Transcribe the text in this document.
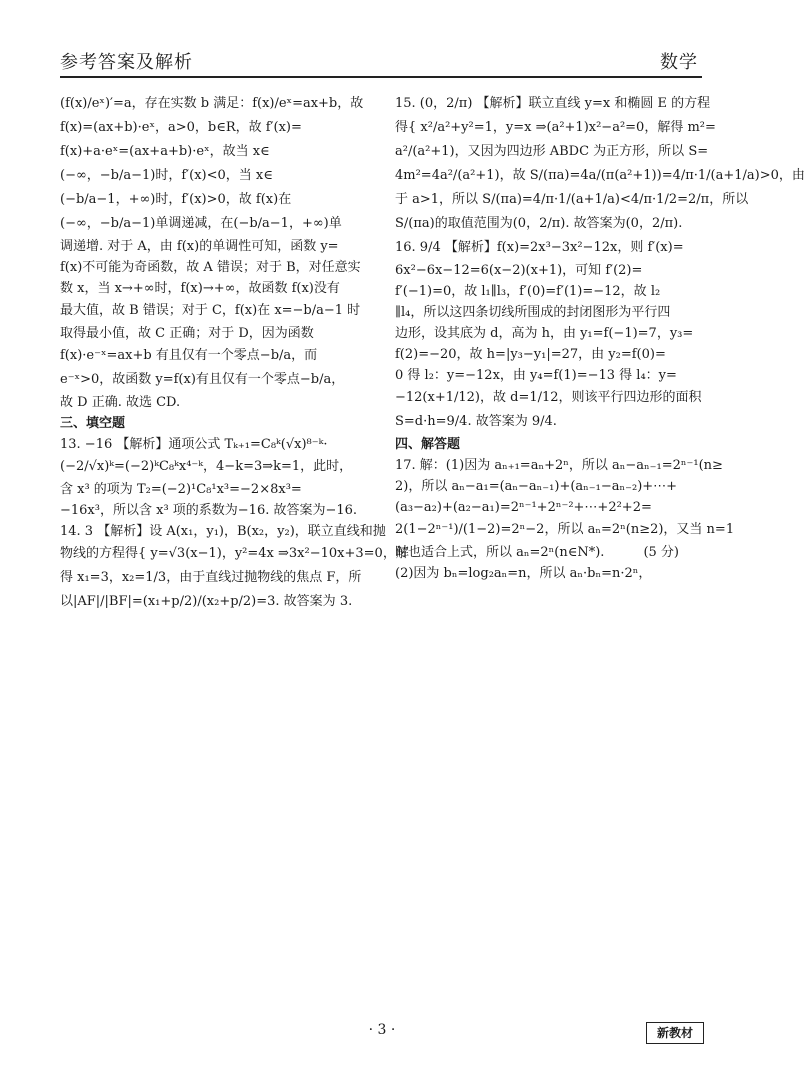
参考答案及解析	数学
(f(x)/eˣ)′=a，存在实数 b 满足：f(x)/eˣ=ax+b，故
f(x)=(ax+b)·eˣ，a>0，b∈R，故 f′(x)=
f(x)+a·eˣ=(ax+a+b)·eˣ，故当 x∈
(−∞，−b/a−1)时，f′(x)<0，当 x∈
(−b/a−1，+∞)时，f′(x)>0，故 f(x)在
(−∞，−b/a−1)单调递减，在(−b/a−1，+∞)单
调递增. 对于 A，由 f(x)的单调性可知，函数 y=
f(x)不可能为奇函数，故 A 错误；对于 B，对任意实
数 x，当 x→+∞时，f(x)→+∞，故函数 f(x)没有
最大值，故 B 错误；对于 C，f(x)在 x=−b/a−1 时
取得最小值，故 C 正确；对于 D，因为函数
f(x)·e⁻ˣ=ax+b 有且仅有一个零点−b/a，而
e⁻ˣ>0，故函数 y=f(x)有且仅有一个零点−b/a，
故 D 正确. 故选 CD.
三、填空题
13. −16 【解析】通项公式 Tₖ₊₁=C₈ᵏ(√x)⁸⁻ᵏ·
(−2/√x)ᵏ=(−2)ᵏC₈ᵏx⁴⁻ᵏ，4−k=3⇒k=1，此时，
含 x³ 的项为 T₂=(−2)¹C₈¹x³=−2×8x³=
−16x³，所以含 x³ 项的系数为−16. 故答案为−16.
14. 3 【解析】设 A(x₁，y₁)，B(x₂，y₂)，联立直线和抛
物线的方程得{ y=√3(x−1)，y²=4x ⇒3x²−10x+3=0，解
得 x₁=3，x₂=1/3，由于直线过抛物线的焦点 F，所
以|AF|/|BF|=(x₁+p/2)/(x₂+p/2)=3. 故答案为 3.
15. (0，2/π) 【解析】联立直线 y=x 和椭圆 E 的方程
得{ x²/a²+y²=1，y=x ⇒(a²+1)x²−a²=0，解得 m²=
a²/(a²+1)，又因为四边形 ABDC 为正方形，所以 S=
4m²=4a²/(a²+1)，故 S/(πa)=4a/(π(a²+1))=4/π·1/(a+1/a)>0，由
于 a>1，所以 S/(πa)=4/π·1/(a+1/a)<4/π·1/2=2/π，所以
S/(πa)的取值范围为(0，2/π). 故答案为(0，2/π).
16. 9/4 【解析】f(x)=2x³−3x²−12x，则 f′(x)=
6x²−6x−12=6(x−2)(x+1)，可知 f′(2)=
f′(−1)=0，故 l₁∥l₃，f′(0)=f′(1)=−12，故 l₂
∥l₄，所以这四条切线所围成的封闭图形为平行四
边形，设其底为 d，高为 h，由 y₁=f(−1)=7，y₃=
f(2)=−20，故 h=|y₃−y₁|=27，由 y₂=f(0)=
0 得 l₂：y=−12x，由 y₄=f(1)=−13 得 l₄：y=
−12(x+1/12)，故 d=1/12，则该平行四边形的面积
S=d·h=9/4. 故答案为 9/4.
四、解答题
17. 解：(1)因为 aₙ₊₁=aₙ+2ⁿ，所以 aₙ−aₙ₋₁=2ⁿ⁻¹(n≥
2)，所以 aₙ−a₁=(aₙ−aₙ₋₁)+(aₙ₋₁−aₙ₋₂)+⋯+
(a₃−a₂)+(a₂−a₁)=2ⁿ⁻¹+2ⁿ⁻²+⋯+2²+2=
2(1−2ⁿ⁻¹)/(1−2)=2ⁿ−2，所以 aₙ=2ⁿ(n≥2)，又当 n=1
时也适合上式，所以 aₙ=2ⁿ(n∈N*).　　　(5 分)
(2)因为 bₙ=log₂aₙ=n，所以 aₙ·bₙ=n·2ⁿ，
· 3 ·	新教材
